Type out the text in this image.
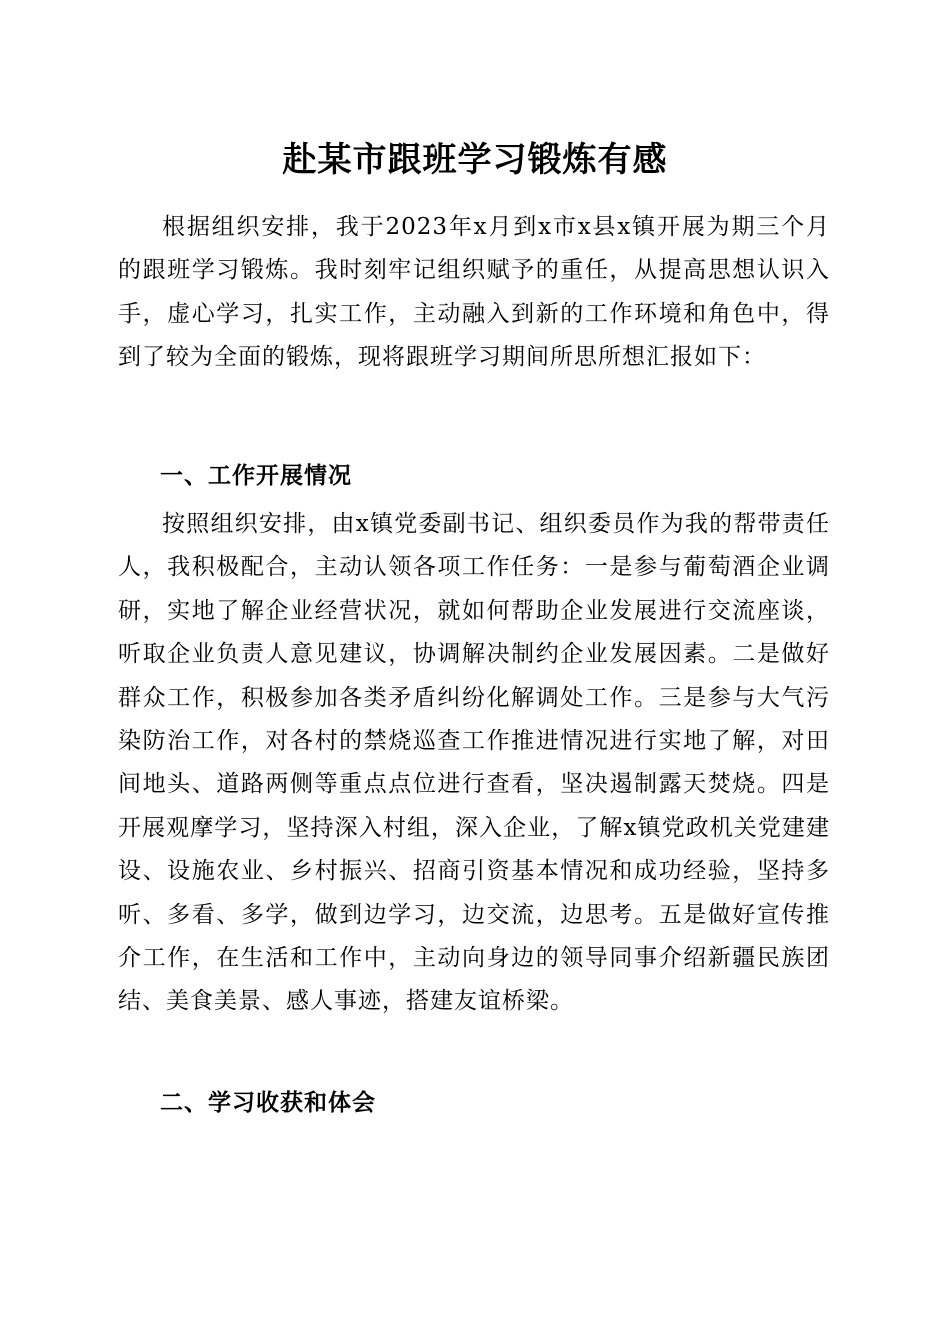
赴某市跟班学习锻炼有感

根据组织安排，我于2023年x月到x市x县x镇开展为期三个月的跟班学习锻炼。我时刻牢记组织赋予的重任，从提高思想认识入手，虚心学习，扎实工作，主动融入到新的工作环境和角色中，得到了较为全面的锻炼，现将跟班学习期间所思所想汇报如下：

一、工作开展情况

按照组织安排，由x镇党委副书记、组织委员作为我的帮带责任人，我积极配合，主动认领各项工作任务：一是参与葡萄酒企业调研，实地了解企业经营状况，就如何帮助企业发展进行交流座谈，听取企业负责人意见建议，协调解决制约企业发展因素。二是做好群众工作，积极参加各类矛盾纠纷化解调处工作。三是参与大气污染防治工作，对各村的禁烧巡查工作推进情况进行实地了解，对田间地头、道路两侧等重点点位进行查看，坚决遏制露天焚烧。四是开展观摩学习，坚持深入村组，深入企业，了解x镇党政机关党建建设、设施农业、乡村振兴、招商引资基本情况和成功经验，坚持多听、多看、多学，做到边学习，边交流，边思考。五是做好宣传推介工作，在生活和工作中，主动向身边的领导同事介绍新疆民族团结、美食美景、感人事迹，搭建友谊桥梁。

二、学习收获和体会
